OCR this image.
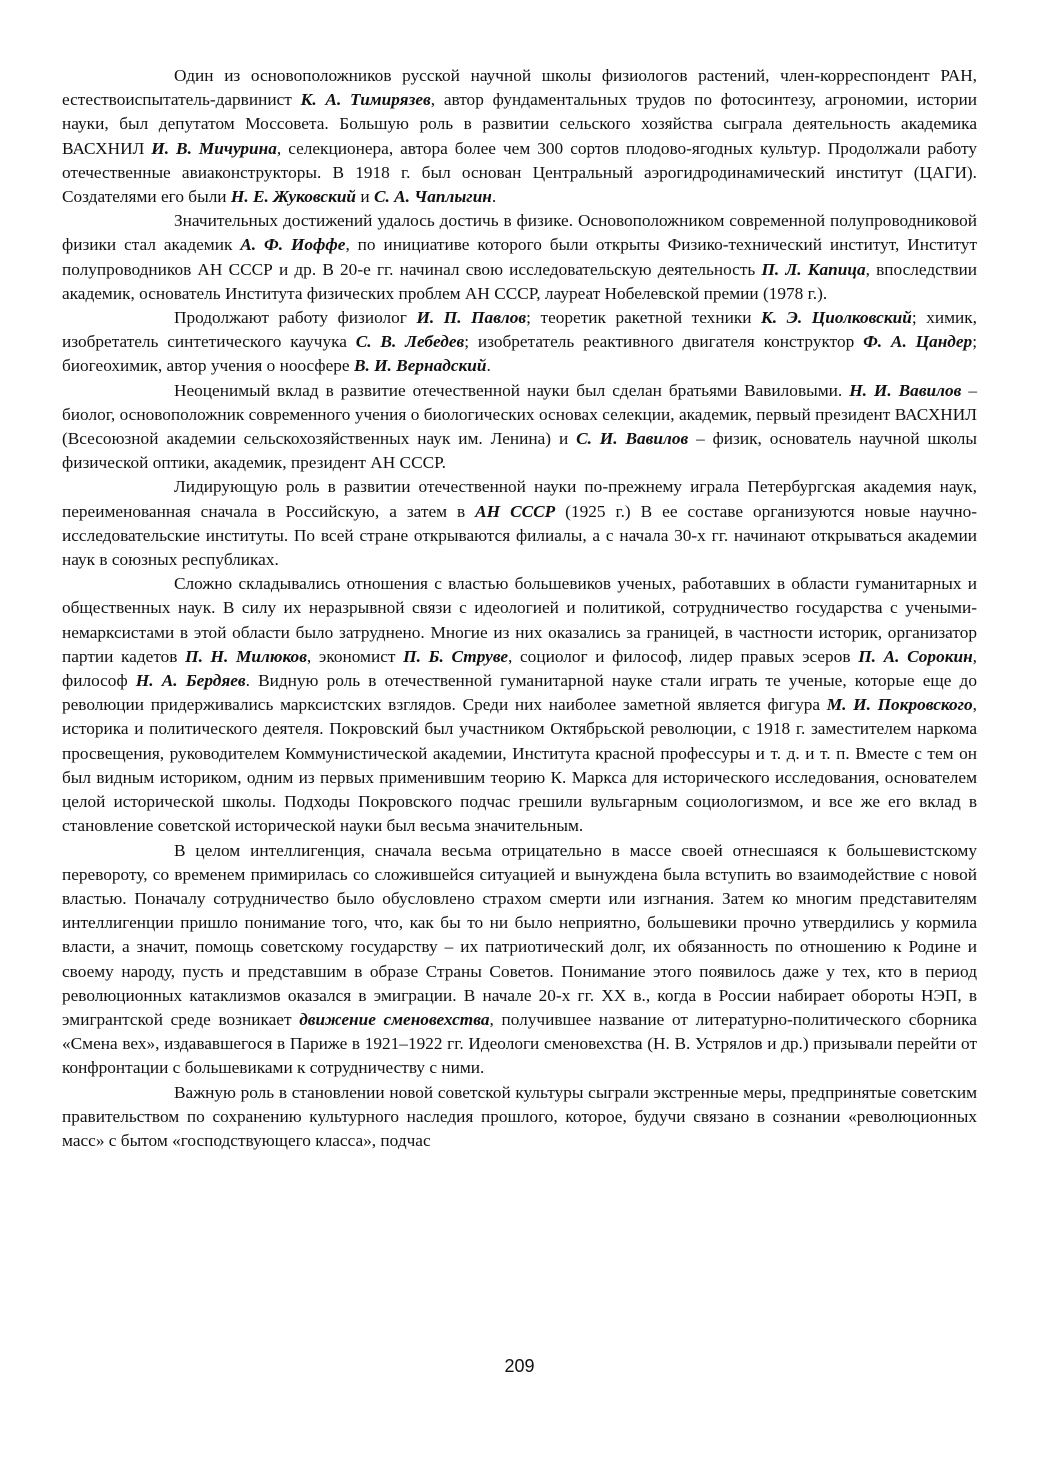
Один из основоположников русской научной школы физиологов растений, член-корреспондент РАН, естествоиспытатель-дарвинист К. А. Тимирязев, автор фундаментальных трудов по фотосинтезу, агрономии, истории науки, был депутатом Моссовета. Большую роль в развитии сельского хозяйства сыграла деятельность академика ВАСХНИЛ И. В. Мичурина, селекционера, автора более чем 300 сортов плодово-ягодных культур. Продолжали работу отечественные авиаконструкторы. В 1918 г. был основан Центральный аэрогидродинамический институт (ЦАГИ). Создателями его были Н. Е. Жуковский и С. А. Чаплыгин.

Значительных достижений удалось достичь в физике. Основоположником современной полупроводниковой физики стал академик А. Ф. Иоффе, по инициативе которого были открыты Физико-технический институт, Институт полупроводников АН СССР и др. В 20-е гг. начинал свою исследовательскую деятельность П. Л. Капица, впоследствии академик, основатель Института физических проблем АН СССР, лауреат Нобелевской премии (1978 г.).

Продолжают работу физиолог И. П. Павлов; теоретик ракетной техники К. Э. Циолковский; химик, изобретатель синтетического каучука С. В. Лебедев; изобретатель реактивного двигателя конструктор Ф. А. Цандер; биогеохимик, автор учения о ноосфере В. И. Вернадский.

Неоценимый вклад в развитие отечественной науки был сделан братьями Вавиловыми. Н. И. Вавилов – биолог, основоположник современного учения о биологических основах селекции, академик, первый президент ВАСХНИЛ (Всесоюзной академии сельскохозяйственных наук им. Ленина) и С. И. Вавилов – физик, основатель научной школы физической оптики, академик, президент АН СССР.

Лидирующую роль в развитии отечественной науки по-прежнему играла Петербургская академия наук, переименованная сначала в Российскую, а затем в АН СССР (1925 г.) В ее составе организуются новые научно-исследовательские институты. По всей стране открываются филиалы, а с начала 30-х гг. начинают открываться академии наук в союзных республиках.

Сложно складывались отношения с властью большевиков ученых, работавших в области гуманитарных и общественных наук. В силу их неразрывной связи с идеологией и политикой, сотрудничество государства с учеными-немарксистами в этой области было затруднено. Многие из них оказались за границей, в частности историк, организатор партии кадетов П. Н. Милюков, экономист П. Б. Струве, социолог и философ, лидер правых эсеров П. А. Сорокин, философ Н. А. Бердяев. Видную роль в отечественной гуманитарной науке стали играть те ученые, которые еще до революции придерживались марксистских взглядов. Среди них наиболее заметной является фигура М. И. Покровского, историка и политического деятеля. Покровский был участником Октябрьской революции, с 1918 г. заместителем наркома просвещения, руководителем Коммунистической академии, Института красной профессуры и т. д. и т. п. Вместе с тем он был видным историком, одним из первых применившим теорию К. Маркса для исторического исследования, основателем целой исторической школы. Подходы Покровского подчас грешили вульгарным социологизмом, и все же его вклад в становление советской исторической науки был весьма значительным.

В целом интеллигенция, сначала весьма отрицательно в массе своей отнесшаяся к большевистскому перевороту, со временем примирилась со сложившейся ситуацией и вынуждена была вступить во взаимодействие с новой властью. Поначалу сотрудничество было обусловлено страхом смерти или изгнания. Затем ко многим представителям интеллигенции пришло понимание того, что, как бы то ни было неприятно, большевики прочно утвердились у кормила власти, а значит, помощь советскому государству – их патриотический долг, их обязанность по отношению к Родине и своему народу, пусть и представшим в образе Страны Советов. Понимание этого появилось даже у тех, кто в период революционных катаклизмов оказался в эмиграции. В начале 20-х гг. XX в., когда в России набирает обороты НЭП, в эмигрантской среде возникает движение сменовехства, получившее название от литературно-политического сборника «Смена вех», издававшегося в Париже в 1921–1922 гг. Идеологи сменовехства (Н. В. Устрялов и др.) призывали перейти от конфронтации с большевиками к сотрудничеству с ними.

Важную роль в становлении новой советской культуры сыграли экстренные меры, предпринятые советским правительством по сохранению культурного наследия прошлого, которое, будучи связано в сознании «революционных масс» с бытом «господствующего класса», подчас

209
